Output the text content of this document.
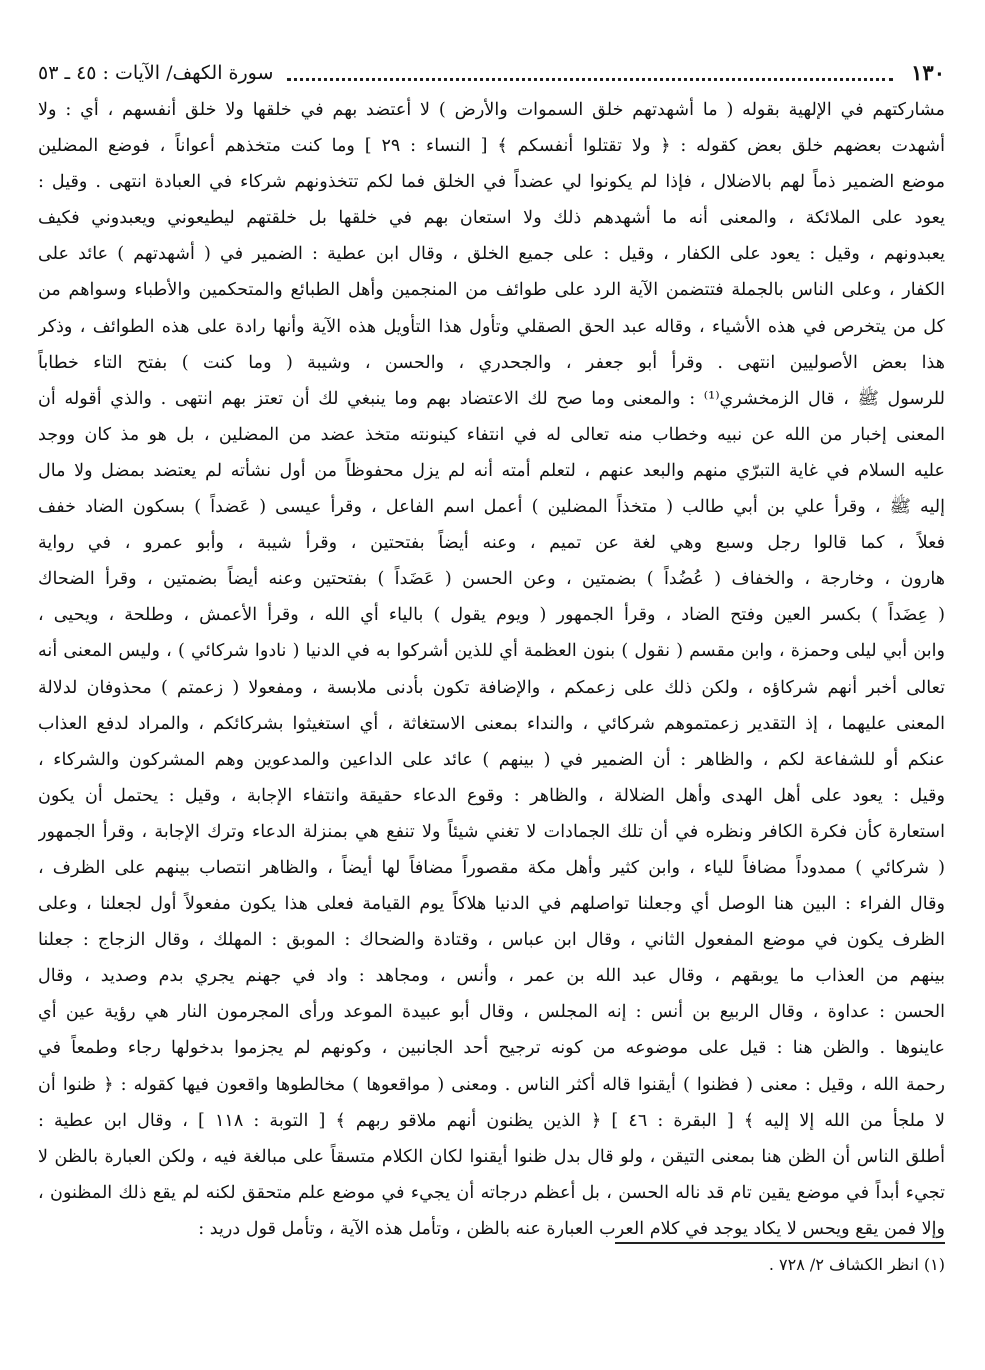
١٣٠
سورة الكهف/ الآيات : ٤٥ ـ ٥٣
مشاركتهم في الإلهية بقوله ( ما أشهدتهم خلق السموات والأرض ) لا أعتضد بهم في خلقها ولا خلق أنفسهم ، أي : ولا
أشهدت بعضهم خلق بعض كقوله : ﴿ ولا تقتلوا أنفسكم ﴾ [ النساء : ٢٩ ] وما كنت متخذهم أعواناً ، فوضع المضلين
موضع الضمير ذماً لهم بالاضلال ، فإذا لم يكونوا لي عضداً في الخلق فما لكم تتخذونهم شركاء في العبادة انتهى . وقيل :
يعود على الملائكة ، والمعنى أنه ما أشهدهم ذلك ولا استعان بهم في خلقها بل خلقتهم ليطيعوني ويعبدوني فكيف
يعبدونهم ، وقيل : يعود على الكفار ، وقيل : على جميع الخلق ، وقال ابن عطية : الضمير في ( أشهدتهم ) عائد على
الكفار ، وعلى الناس بالجملة فتتضمن الآية الرد على طوائف من المنجمين وأهل الطبائع والمتحكمين والأطباء وسواهم من
كل من يتخرص في هذه الأشياء ، وقاله عبد الحق الصقلي وتأول هذا التأويل هذه الآية وأنها رادة على هذه الطوائف ، وذكر
هذا بعض الأصوليين انتهى . وقرأ أبو جعفر ، والجحدري ، والحسن ، وشيبة ( وما كنت ) بفتح التاء خطاباً
للرسول ﷺ ، قال الزمخشري⁽¹⁾ : والمعنى وما صح لك الاعتضاد بهم وما ينبغي لك أن تعتز بهم انتهى . والذي أقوله أن
المعنى إخبار من الله عن نبيه وخطاب منه تعالى له في انتفاء كينونته متخذ عضد من المضلين ، بل هو مذ كان ووجد
عليه السلام في غاية التبرّي منهم والبعد عنهم ، لتعلم أمته أنه لم يزل محفوظاً من أول نشأته لم يعتضد بمضل ولا مال
إليه ﷺ ، وقرأ علي بن أبي طالب ( متخذاً المضلين ) أعمل اسم الفاعل ، وقرأ عيسى ( عَضداً ) بسكون الضاد خفف
فعلاً ، كما قالوا رجل وسبع وهي لغة عن تميم ، وعنه أيضاً بفتحتين ، وقرأ شيبة ، وأبو عمرو ، في رواية
هارون ، وخارجة ، والخفاف ( عُضُداً ) بضمتين ، وعن الحسن ( عَضَداً ) بفتحتين وعنه أيضاً بضمتين ، وقرأ الضحاك
( عِضَداً ) بكسر العين وفتح الضاد ، وقرأ الجمهور ( ويوم يقول ) بالياء أي الله ، وقرأ الأعمش ، وطلحة ، ويحيى ،
وابن أبي ليلى وحمزة ، وابن مقسم ( نقول ) بنون العظمة أي للذين أشركوا به في الدنيا ( نادوا شركائي ) ، وليس المعنى أنه
تعالى أخبر أنهم شركاؤه ، ولكن ذلك على زعمكم ، والإضافة تكون بأدنى ملابسة ، ومفعولا ( زعمتم ) محذوفان لدلالة
المعنى عليهما ، إذ التقدير زعمتموهم شركائي ، والنداء بمعنى الاستغاثة ، أي استغيثوا بشركائكم ، والمراد لدفع العذاب
عنكم أو للشفاعة لكم ، والظاهر : أن الضمير في ( بينهم ) عائد على الداعين والمدعوين وهم المشركون والشركاء ،
وقيل : يعود على أهل الهدى وأهل الضلالة ، والظاهر : وقوع الدعاء حقيقة وانتفاء الإجابة ، وقيل : يحتمل أن يكون
استعارة كأن فكرة الكافر ونظره في أن تلك الجمادات لا تغني شيئاً ولا تنفع هي بمنزلة الدعاء وترك الإجابة ، وقرأ الجمهور
( شركائي ) ممدوداً مضافاً للياء ، وابن كثير وأهل مكة مقصوراً مضافاً لها أيضاً ، والظاهر انتصاب بينهم على الظرف ،
وقال الفراء : البين هنا الوصل أي وجعلنا تواصلهم في الدنيا هلاكاً يوم القيامة فعلى هذا يكون مفعولاً أول لجعلنا ، وعلى
الظرف يكون في موضع المفعول الثاني ، وقال ابن عباس ، وقتادة والضحاك : الموبق : المهلك ، وقال الزجاج : جعلنا
بينهم من العذاب ما يوبقهم ، وقال عبد الله بن عمر ، وأنس ، ومجاهد : واد في جهنم يجري بدم وصديد ، وقال
الحسن : عداوة ، وقال الربيع بن أنس : إنه المجلس ، وقال أبو عبيدة الموعد ورأى المجرمون النار هي رؤية عين أي
عاينوها . والظن هنا : قيل على موضوعه من كونه ترجيح أحد الجانبين ، وكونهم لم يجزموا بدخولها رجاء وطمعاً في
رحمة الله ، وقيل : معنى ( فظنوا ) أيقنوا قاله أكثر الناس . ومعنى ( مواقعوها ) مخالطوها واقعون فيها كقوله : ﴿ ظنوا أن
لا ملجأ من الله إلا إليه ﴾ [ البقرة : ٤٦ ] ﴿ الذين يظنون أنهم ملاقو ربهم ﴾ [ التوبة : ١١٨ ] ، وقال ابن عطية :
أطلق الناس أن الظن هنا بمعنى التيقن ، ولو قال بدل ظنوا أيقنوا لكان الكلام متسقاً على مبالغة فيه ، ولكن العبارة بالظن لا
تجيء أبداً في موضع يقين تام قد ناله الحسن ، بل أعظم درجاته أن يجيء في موضع علم متحقق لكنه لم يقع ذلك المظنون ،
وإلا فمن يقع ويحس لا يكاد يوجد في كلام العرب العبارة عنه بالظن ، وتأمل هذه الآية ، وتأمل قول دريد :
(١) انظر الكشاف ٢/ ٧٢٨ .
